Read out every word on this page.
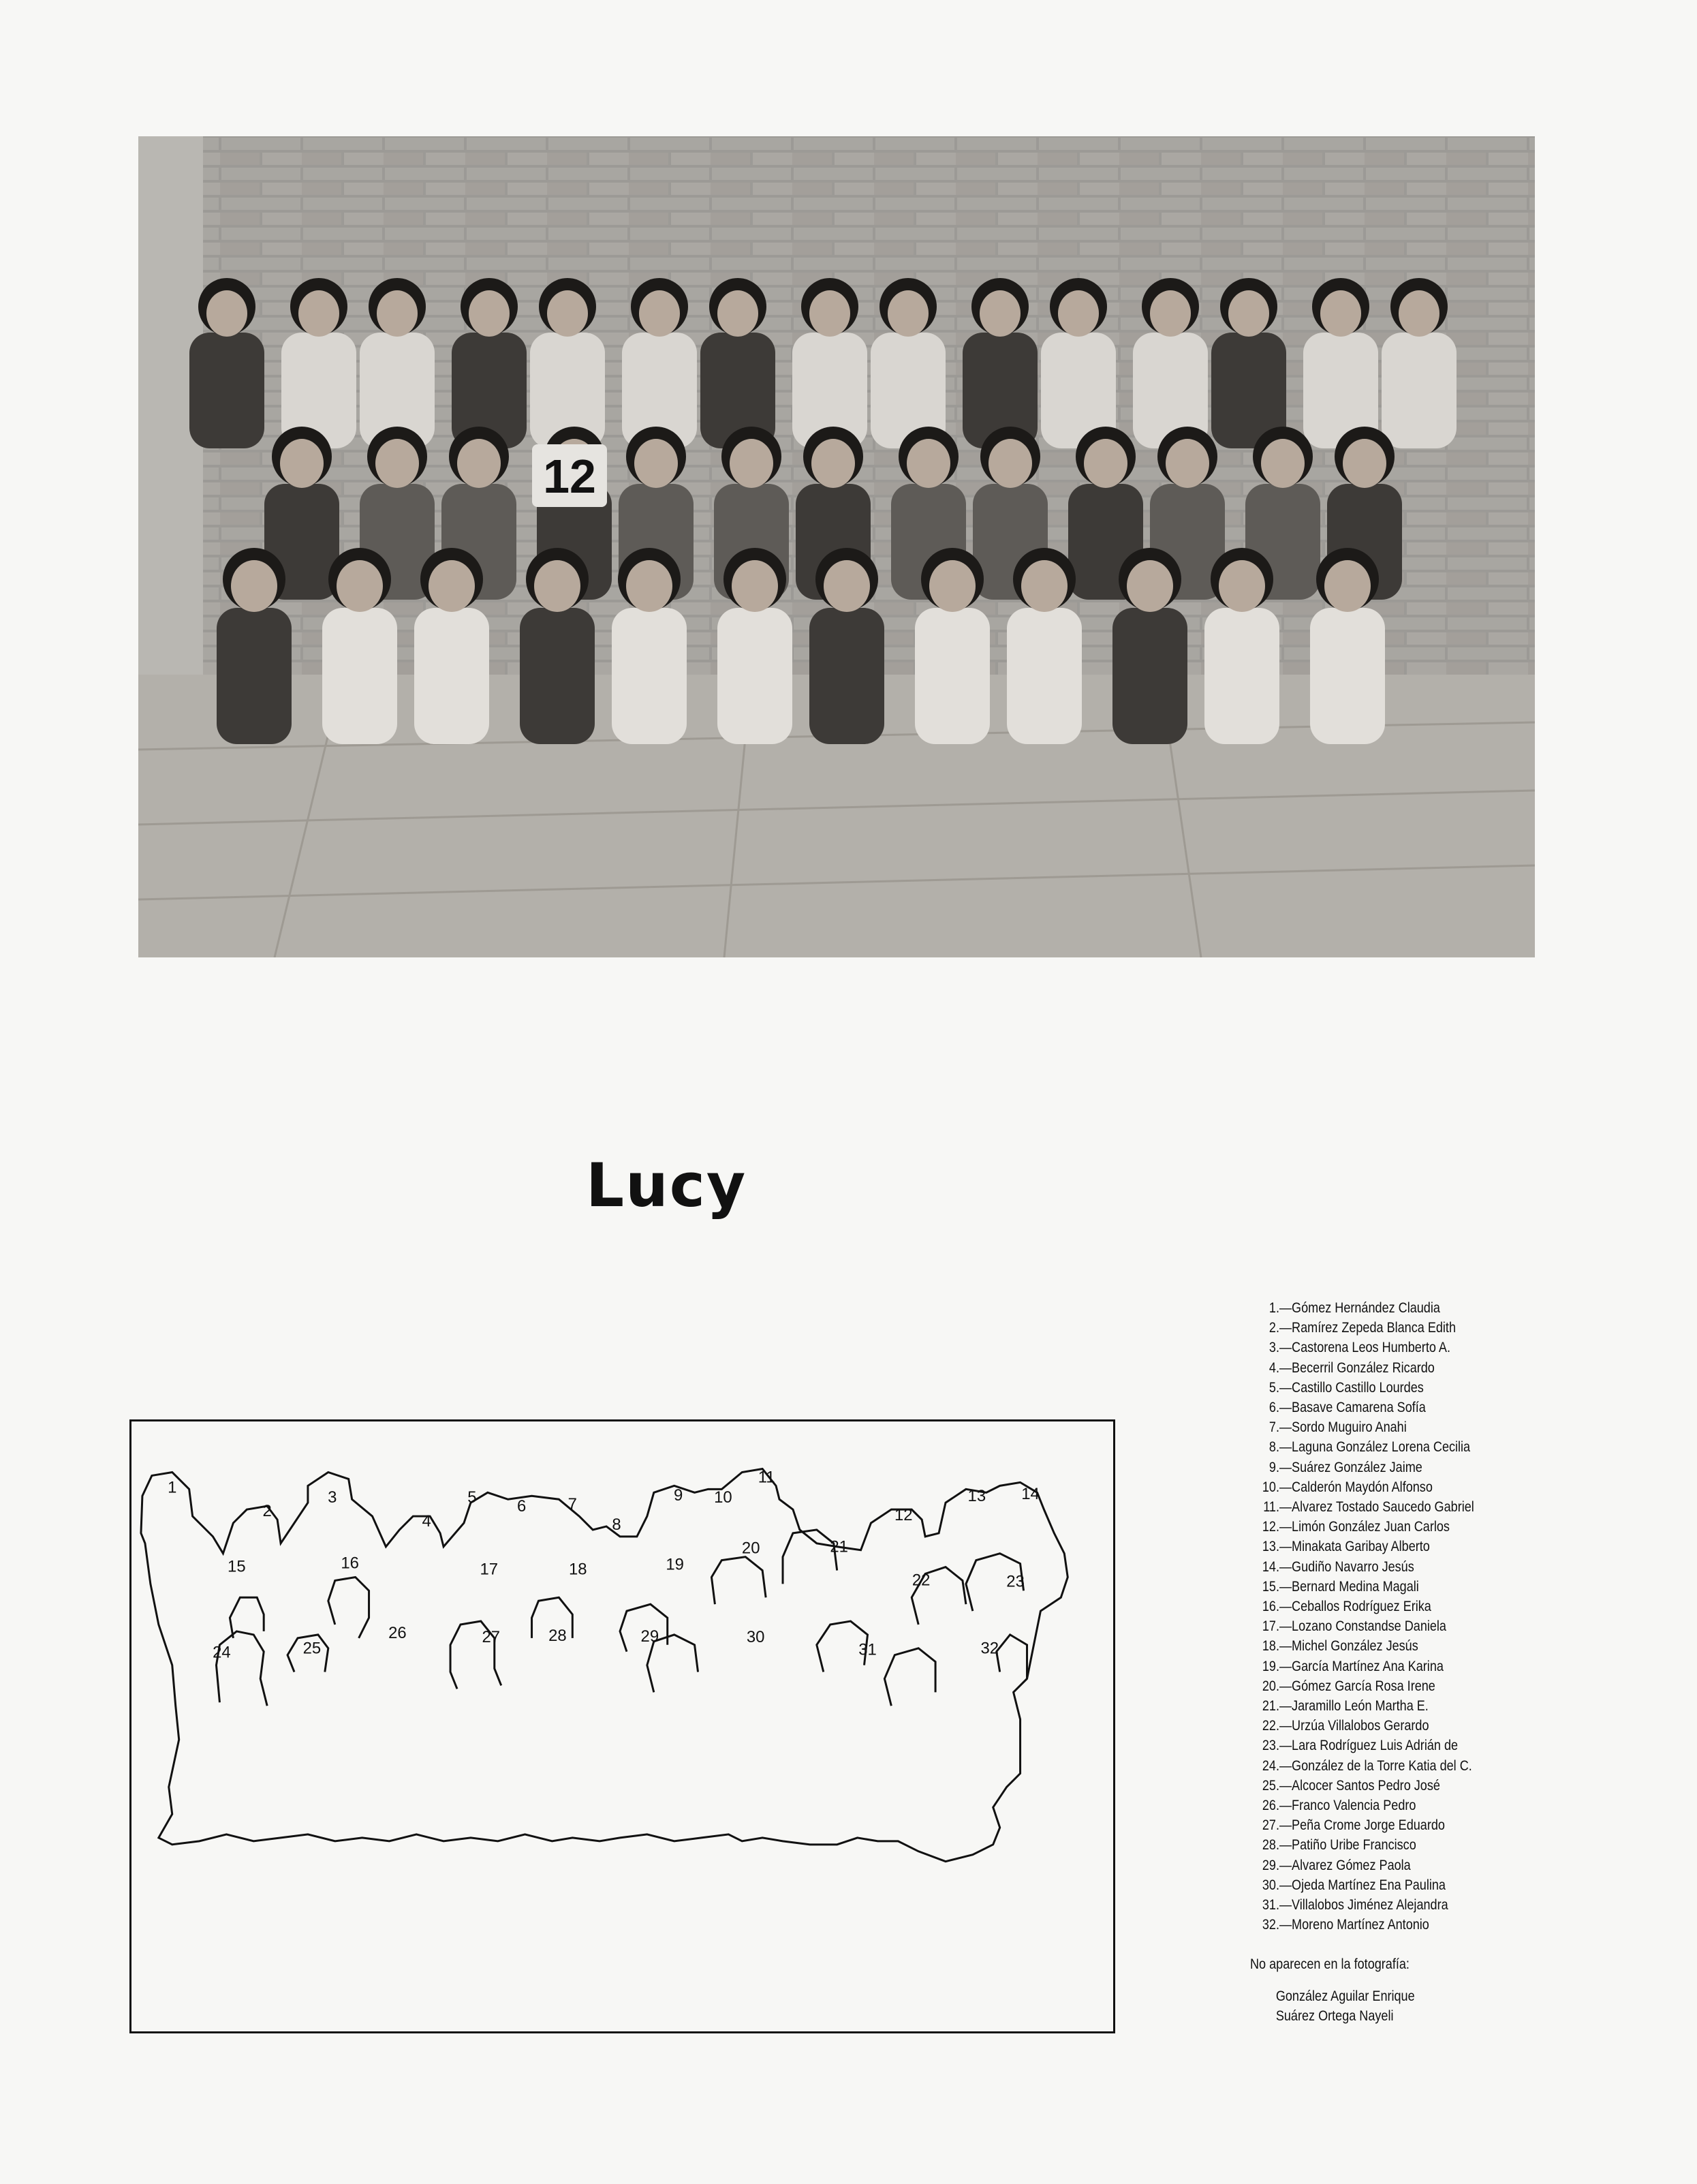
12
Lucy
1
2
3
4
5 6	7
8
9 10
11
12
13 14
15	16	17	18	19
20	21
22	23
24	25
26	27	28	29	30
31	32
1.—Gómez Hernández Claudia
2.—Ramírez Zepeda Blanca Edith
3.—Castorena Leos Humberto A.
4.—Becerril González Ricardo
5.—Castillo Castillo Lourdes
6.—Basave Camarena Sofía
7.—Sordo Muguiro Anahi
8.—Laguna González Lorena Cecilia
9.—Suárez González Jaime
10.—Calderón Maydón Alfonso
11.—Alvarez Tostado Saucedo Gabriel
12.—Limón González Juan Carlos
13.—Minakata Garibay Alberto
14.—Gudiño Navarro Jesús
15.—Bernard Medina Magali
16.—Ceballos Rodríguez Erika
17.—Lozano Constandse Daniela
18.—Michel González Jesús
19.—García Martínez Ana Karina
20.—Gómez García Rosa Irene
21.—Jaramillo León Martha E.
22.—Urzúa Villalobos Gerardo
23.—Lara Rodríguez Luis Adrián de
24.—González de la Torre Katia del C.
25.—Alcocer Santos Pedro José
26.—Franco Valencia Pedro
27.—Peña Crome Jorge Eduardo
28.—Patiño Uribe Francisco
29.—Alvarez Gómez Paola
30.—Ojeda Martínez Ena Paulina
31.—Villalobos Jiménez Alejandra
32.—Moreno Martínez Antonio
No aparecen en la fotografía:
González Aguilar Enrique
Suárez Ortega Nayeli
